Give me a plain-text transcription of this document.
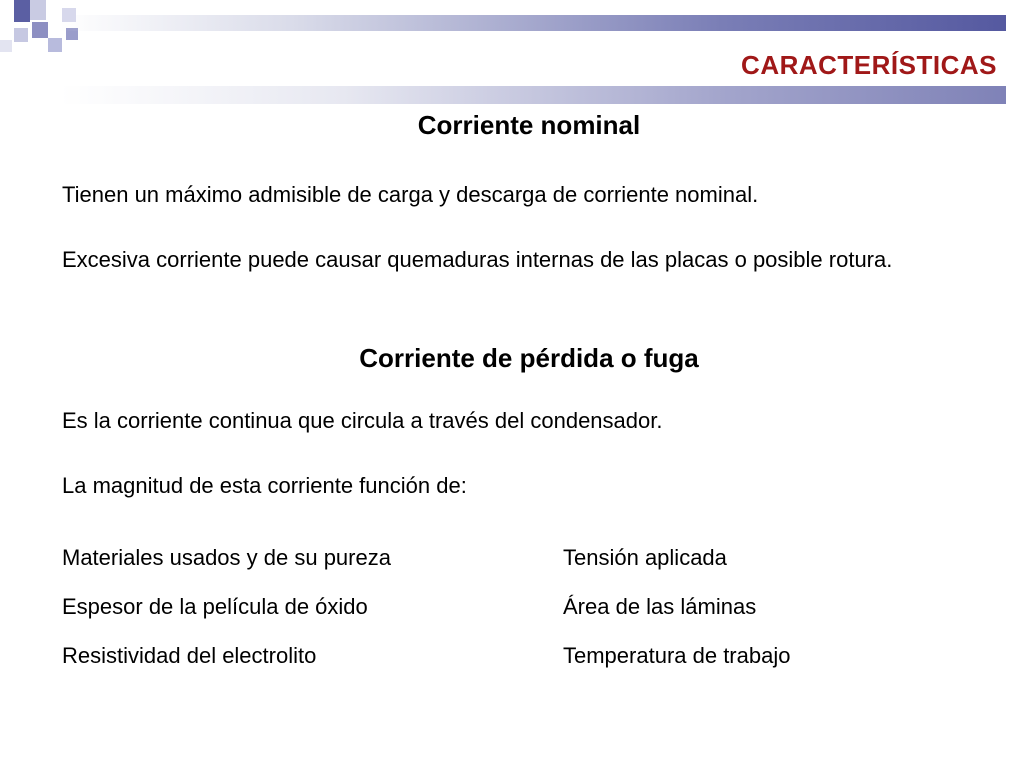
CARACTERÍSTICAS
Corriente nominal
Tienen un máximo admisible de carga y descarga de corriente nominal.
Excesiva corriente puede causar quemaduras internas de las placas o posible rotura.
Corriente de pérdida o fuga
Es la corriente continua que circula a través del condensador.
La magnitud de esta corriente función de:
Materiales usados y de su pureza
Espesor de la película de óxido
Resistividad del electrolito
Tensión aplicada
Área de las láminas
Temperatura de trabajo
